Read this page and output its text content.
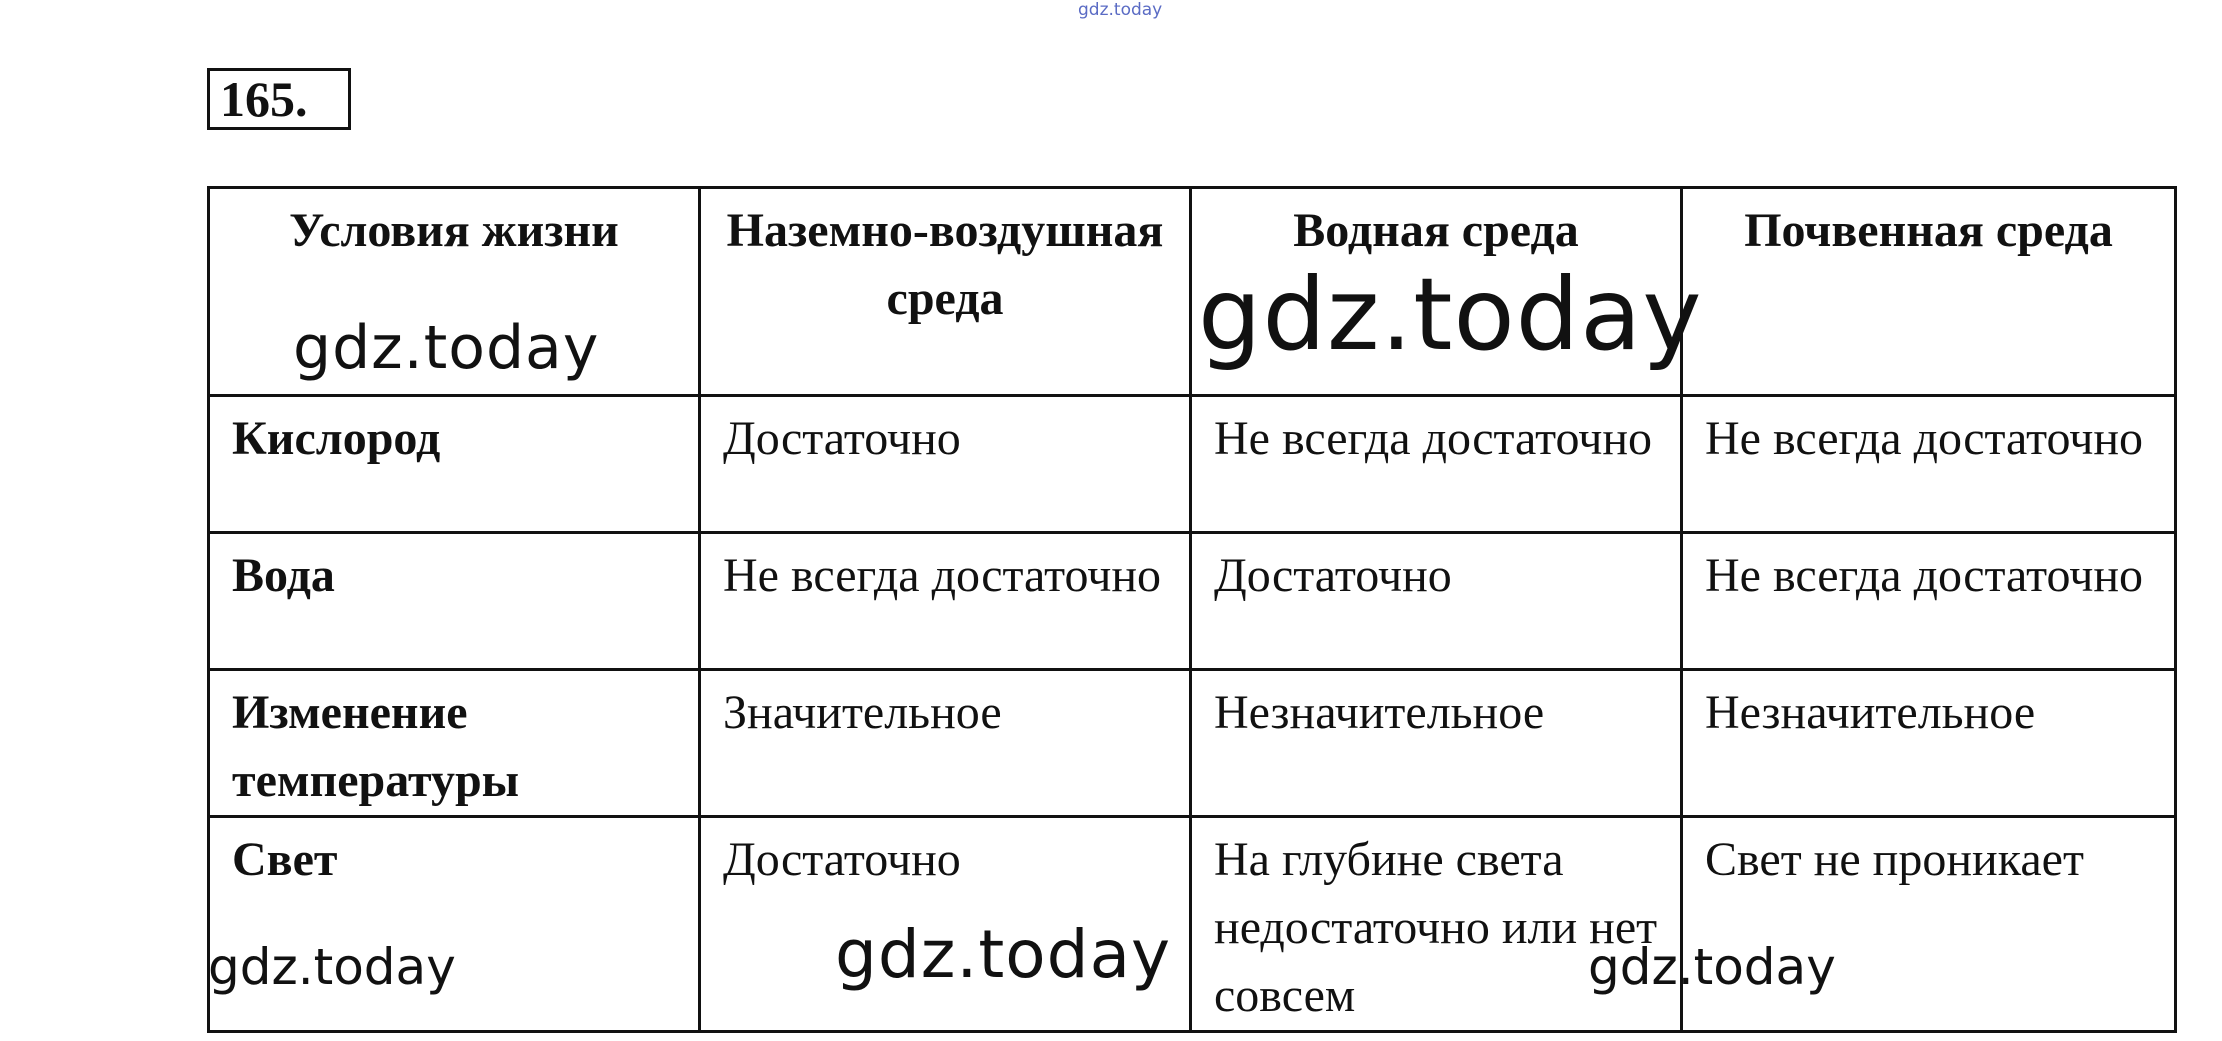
gdz.today
165.
Условия жизни	Наземно-воздушная среда	Водная среда	Почвенная среда
Кислород	Достаточно	Не всегда достаточно	Не всегда достаточно
Вода	Не всегда достаточно	Достаточно	Не всегда достаточно
Изменение температуры	Значительное	Незначительное	Незначительное
Свет	Достаточно	На глубине света недостаточно или нет совсем	Свет не проникает
gdz.today	gdz.today
gdz.today	gdz.today	gdz.today
